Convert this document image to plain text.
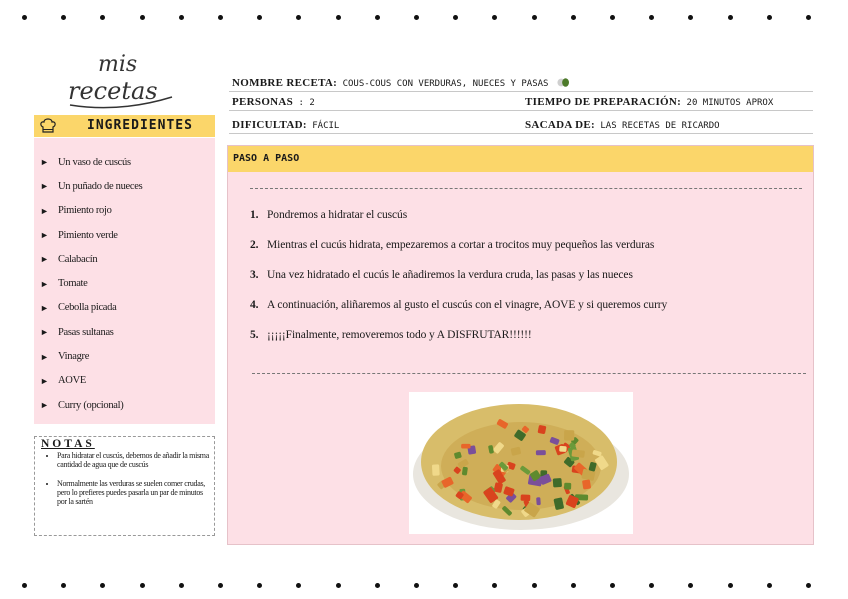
mis
recetas
INGREDIENTES
► Un vaso de cuscús
► Un puñado de nueces
► Pimiento rojo
► Pimiento verde
► Calabacín
► Tomate
► Cebolla picada
► Pasas sultanas
► Vinagre
► AOVE
► Curry (opcional)
NOTAS
• Para hidratar el cuscús, debemos de añadir la misma cantidad de agua que de cuscús
• Normalmente las verduras se suelen comer crudas, pero lo prefieres puedes pasarla un par de minutos por la sartén
NOMBRE RECETA: COUS-COUS CON VERDURAS, NUECES Y PASAS
PERSONAS : 2	TIEMPO DE PREPARACIÓN: 20 MINUTOS APROX
DIFICULTAD: FÁCIL	SACADA DE: LAS RECETAS DE RICARDO
PASO A PASO
1. Pondremos a hidratar el cuscús
2. Mientras el cucús hidrata, empezaremos a cortar a trocitos muy pequeños las verduras
3. Una vez hidratado el cucús le añadiremos la verdura cruda, las pasas y las nueces
4. A continuación, aliñaremos al gusto el cuscús con el vinagre, AOVE y si queremos curry
5. ¡¡¡¡¡Finalmente, removeremos todo y A DISFRUTAR!!!!!!
